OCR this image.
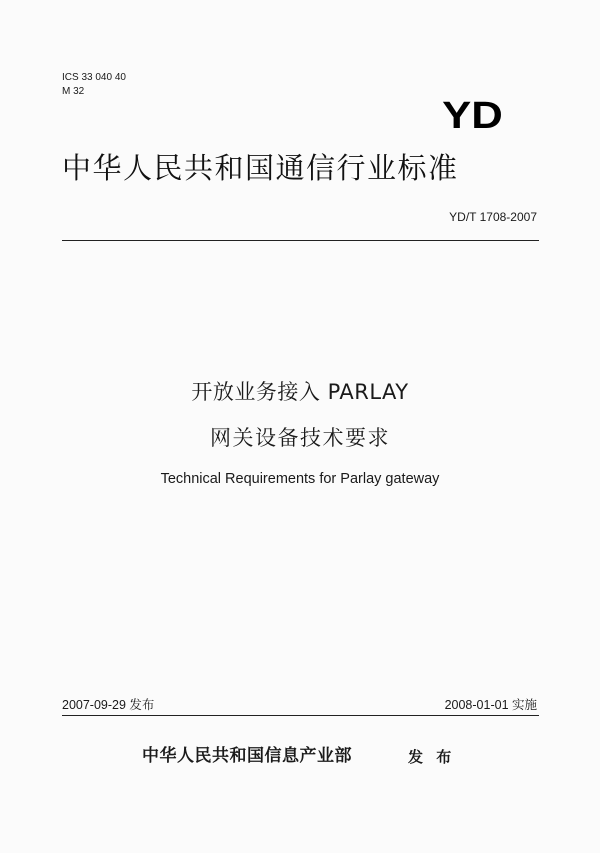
ICS 33 040 40
M 32
YD
中华人民共和国通信行业标准
YD/T 1708-2007
开放业务接入 PARLAY
网关设备技术要求
Technical Requirements for Parlay gateway
2007-09-29 发布	2008-01-01 实施
中华人民共和国信息产业部	发 布
